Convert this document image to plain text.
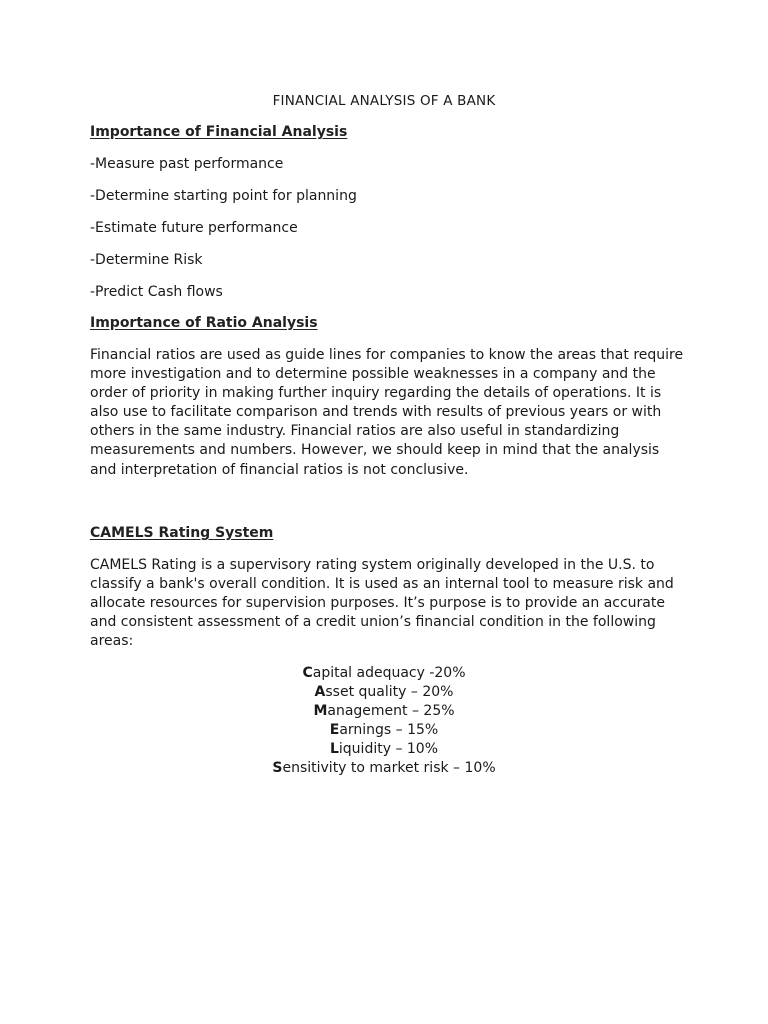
FINANCIAL ANALYSIS OF A BANK
Importance of Financial Analysis
-Measure past performance
-Determine starting point for planning
-Estimate future performance
-Determine Risk
-Predict Cash flows
Importance of Ratio Analysis
Financial ratios are used as guide lines for companies to know the areas that require
more investigation and to determine possible weaknesses in a company and the
order of priority in making further inquiry regarding the details of operations. It is
also use to facilitate comparison and trends with results of previous years or with
others in the same industry. Financial ratios are also useful in standardizing
measurements and numbers. However, we should keep in mind that the analysis
and interpretation of financial ratios is not conclusive.
CAMELS Rating System
CAMELS Rating is a supervisory rating system originally developed in the U.S. to
classify a bank's overall condition. It is used as an internal tool to measure risk and
allocate resources for supervision purposes. It’s purpose is to provide an accurate
and consistent assessment of a credit union’s financial condition in the following
areas:
Capital adequacy -20%
Asset quality – 20%
Management – 25%
Earnings – 15%
Liquidity – 10%
Sensitivity to market risk – 10%
